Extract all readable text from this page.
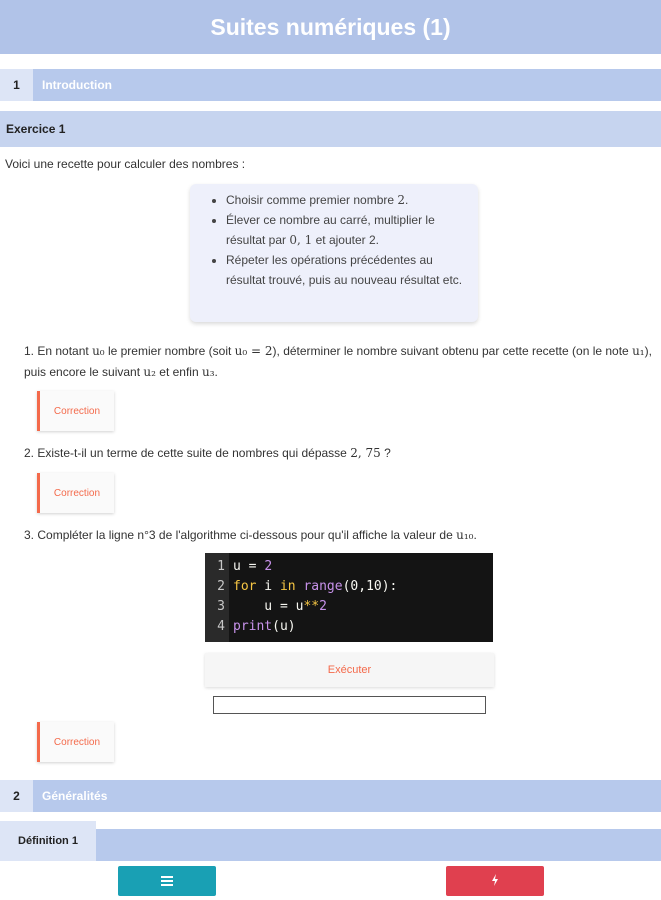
Suites numériques (1)
1	Introduction
Exercice 1
Voici une recette pour calculer des nombres :
• Choisir comme premier nombre 2.
• Élever ce nombre au carré, multiplier le résultat par 0, 1 et ajouter 2.
• Répeter les opérations précédentes au résultat trouvé, puis au nouveau résultat etc.
1. En notant u₀ le premier nombre (soit u₀ = 2), déterminer le nombre suivant obtenu par cette recette (on le note u₁), puis encore le suivant u₂ et enfin u₃.
Correction
2. Existe-t-il un terme de cette suite de nombres qui dépasse 2, 75 ?
Correction
3. Compléter la ligne n°3 de l'algorithme ci-dessous pour qu'il affiche la valeur de u₁₀.
1
2
3
4
u = 2
for i in range(0,10):
u = u**2
print(u)
Exécuter
Correction
2	Généralités
Définition 1
